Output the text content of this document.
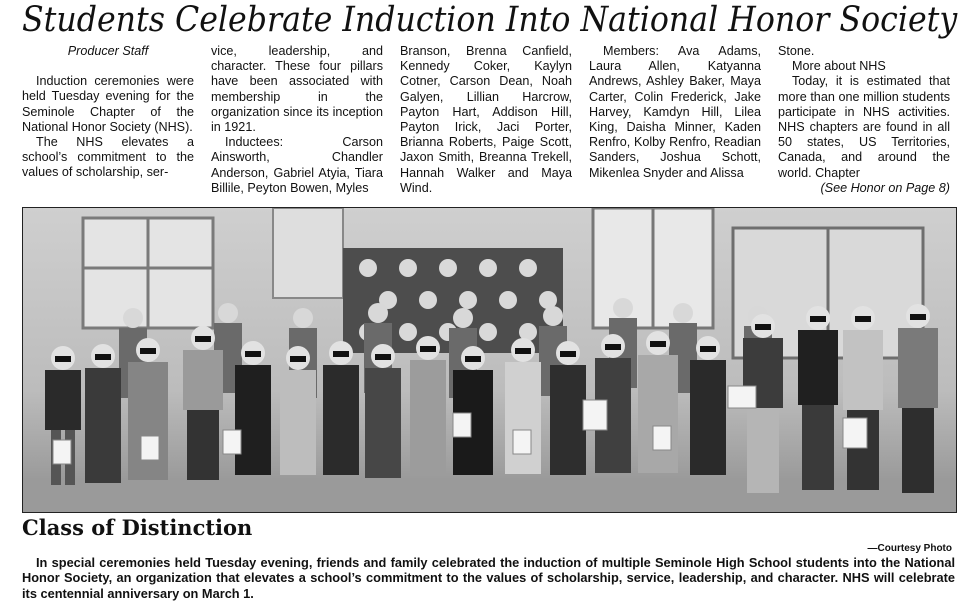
Students Celebrate Induction Into National Honor Society

Producer Staff

Induction ceremonies were held Tuesday evening for the Seminole Chapter of the National Honor Society (NHS).

The NHS elevates a school’s commitment to the values of scholarship, ser-

vice, leadership, and character. These four pillars have been associated with membership in the organization since its inception in 1921.

Inductees: Carson Ainsworth, Chandler Anderson, Gabriel Atyia, Tiara Billile, Peyton Bowen, Myles

Branson, Brenna Canfield, Kennedy Coker, Kaylyn Cotner, Carson Dean, Noah Galyen, Lillian Harcrow, Payton Hart, Addison Hill, Payton Irick, Jaci Porter, Brianna Roberts, Paige Scott, Jaxon Smith, Breanna Trekell, Hannah Walker and Maya Wind.

Members: Ava Adams, Laura Allen, Katyanna Andrews, Ashley Baker, Maya Carter, Colin Frederick, Jake Harvey, Kamdyn Hill, Lilea King, Daisha Minner, Kaden Renfro, Kolby Renfro, Readian Sanders, Joshua Schott, Mikenlea Snyder and Alissa

Stone.

More about NHS

Today, it is estimated that more than one million students participate in NHS activities. NHS chapters are found in all 50 states, US Territories, Canada, and around the world. Chapter

(See Honor on Page 8)

Class of Distinction
—Courtesy Photo

In special ceremonies held Tuesday evening, friends and family celebrated the induction of multiple Seminole High School students into the National Honor Society, an organization that elevates a school’s commitment to the values of scholarship, service, leadership, and character. NHS will celebrate its centennial anniversary on March 1.
